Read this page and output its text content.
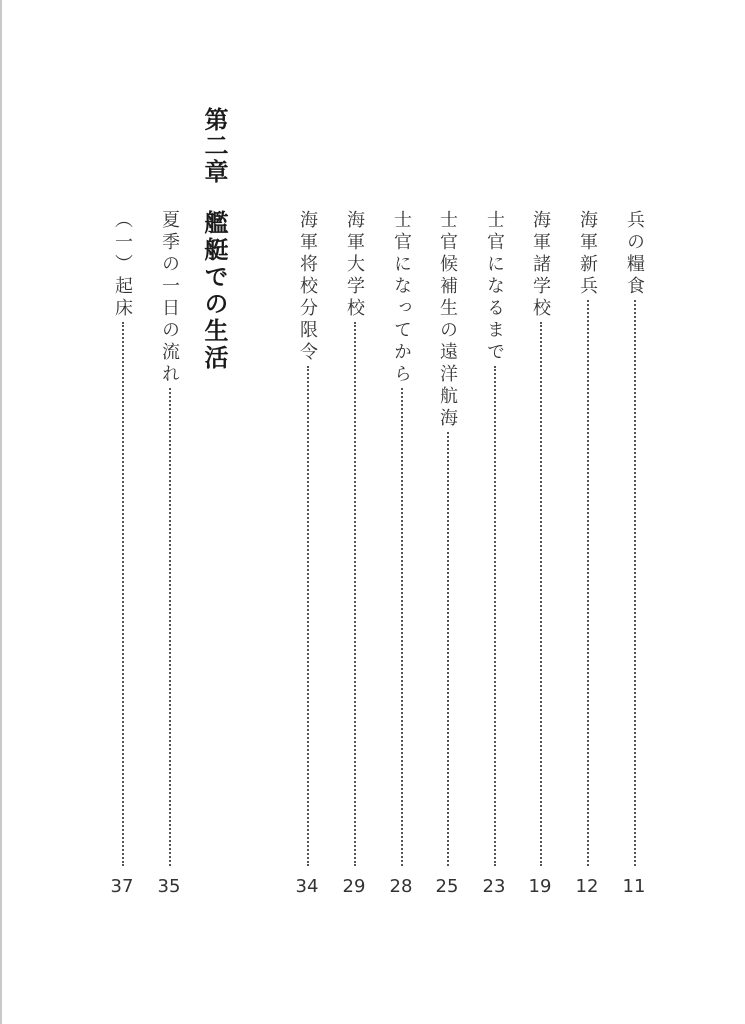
第二章
艦艇での生活	兵の糧食
11
海軍新兵
12
海軍諸学校
19
士官になるまで
23
士官候補生の遠洋航海
25
士官になってから
28
海軍大学校
29
海軍将校分限令
34
夏季の一日の流れ
35
（一）起床
37
